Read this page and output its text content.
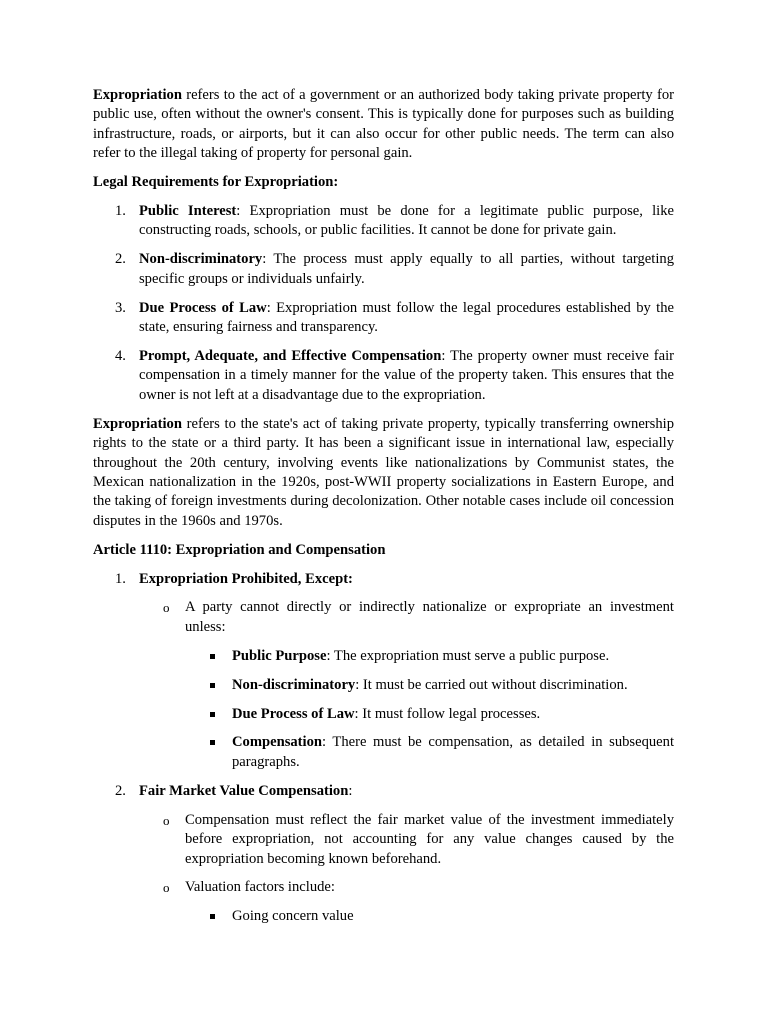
Expropriation refers to the act of a government or an authorized body taking private property for public use, often without the owner's consent. This is typically done for purposes such as building infrastructure, roads, or airports, but it can also occur for other public needs. The term can also refer to the illegal taking of property for personal gain.

Legal Requirements for Expropriation:

1. Public Interest: Expropriation must be done for a legitimate public purpose, like constructing roads, schools, or public facilities. It cannot be done for private gain.

2. Non-discriminatory: The process must apply equally to all parties, without targeting specific groups or individuals unfairly.

3. Due Process of Law: Expropriation must follow the legal procedures established by the state, ensuring fairness and transparency.

4. Prompt, Adequate, and Effective Compensation: The property owner must receive fair compensation in a timely manner for the value of the property taken. This ensures that the owner is not left at a disadvantage due to the expropriation.

Expropriation refers to the state's act of taking private property, typically transferring ownership rights to the state or a third party. It has been a significant issue in international law, especially throughout the 20th century, involving events like nationalizations by Communist states, the Mexican nationalization in the 1920s, post-WWII property socializations in Eastern Europe, and the taking of foreign investments during decolonization. Other notable cases include oil concession disputes in the 1960s and 1970s.

Article 1110: Expropriation and Compensation

1. Expropriation Prohibited, Except:

o A party cannot directly or indirectly nationalize or expropriate an investment unless:

Public Purpose: The expropriation must serve a public purpose.

Non-discriminatory: It must be carried out without discrimination.

Due Process of Law: It must follow legal processes.

Compensation: There must be compensation, as detailed in subsequent paragraphs.

2. Fair Market Value Compensation:

o Compensation must reflect the fair market value of the investment immediately before expropriation, not accounting for any value changes caused by the expropriation becoming known beforehand.

o Valuation factors include:

Going concern value
